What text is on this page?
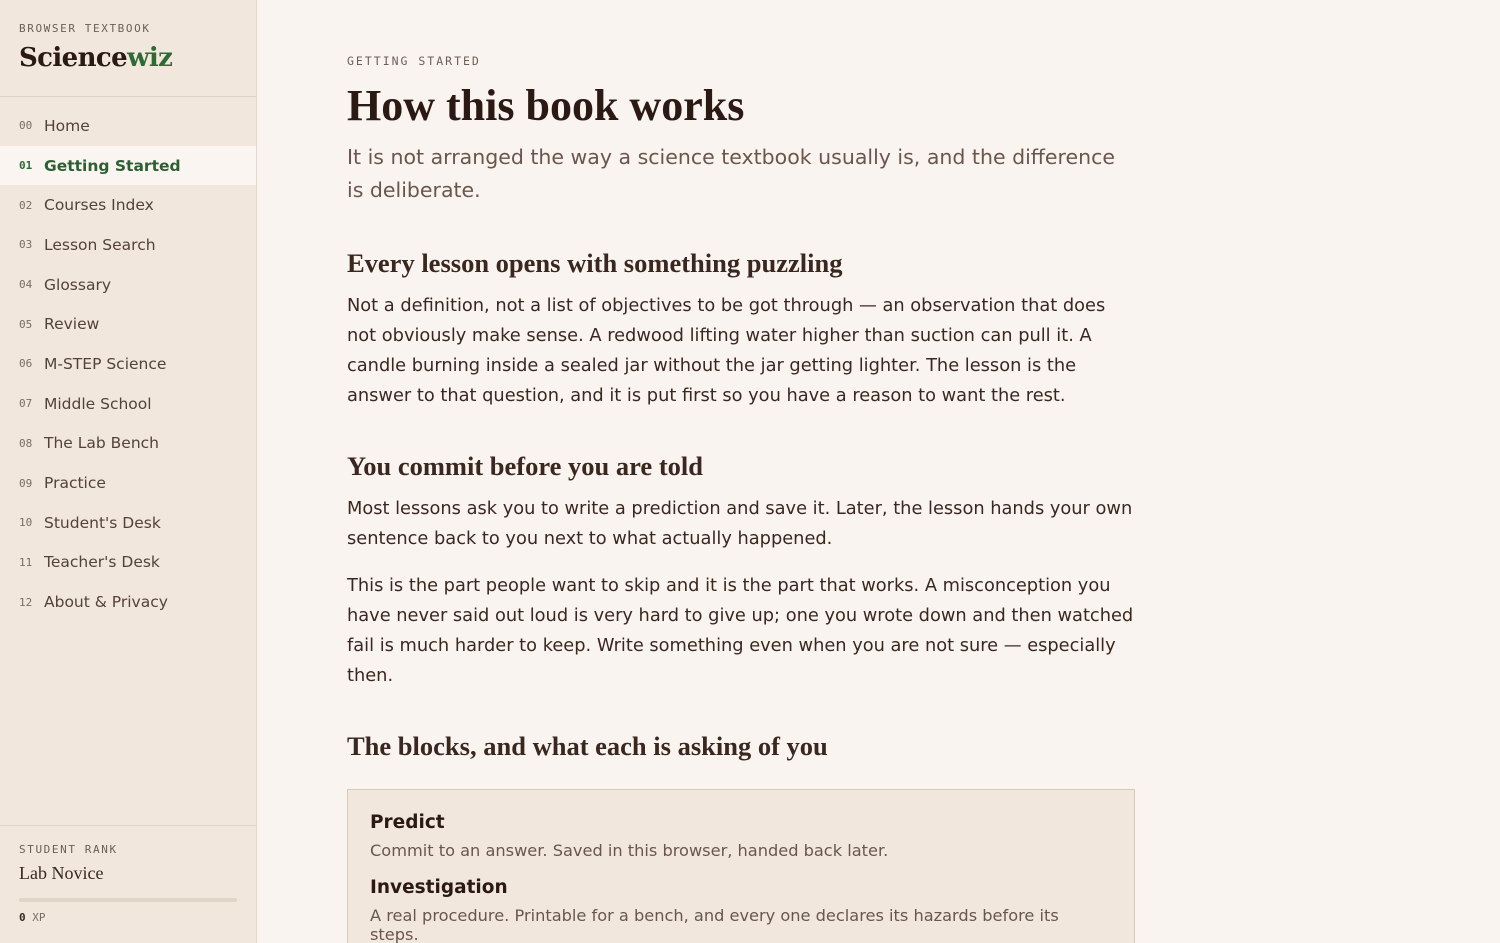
BROWSER TEXTBOOK
Sciencewiz
00 Home
01 Getting Started
02 Courses Index
03 Lesson Search
04 Glossary
05 Review
06 M-STEP Science
07 Middle School
08 The Lab Bench
09 Practice
10 Student's Desk
11 Teacher's Desk
12 About & Privacy
STUDENT RANK
Lab Novice
0 XP
GETTING STARTED
How this book works

It is not arranged the way a science textbook usually is, and the difference is deliberate.

Every lesson opens with something puzzling

Not a definition, not a list of objectives to be got through — an observation that does not obviously make sense. A redwood lifting water higher than suction can pull it. A candle burning inside a sealed jar without the jar getting lighter. The lesson is the answer to that question, and it is put first so you have a reason to want the rest.

You commit before you are told

Most lessons ask you to write a prediction and save it. Later, the lesson hands your own sentence back to you next to what actually happened.

This is the part people want to skip and it is the part that works. A misconception you have never said out loud is very hard to give up; one you wrote down and then watched fail is much harder to keep. Write something even when you are not sure — especially then.

The blocks, and what each is asking of you
Predict
Commit to an answer. Saved in this browser, handed back later.
Investigation
A real procedure. Printable for a bench, and every one declares its hazards before its steps.
